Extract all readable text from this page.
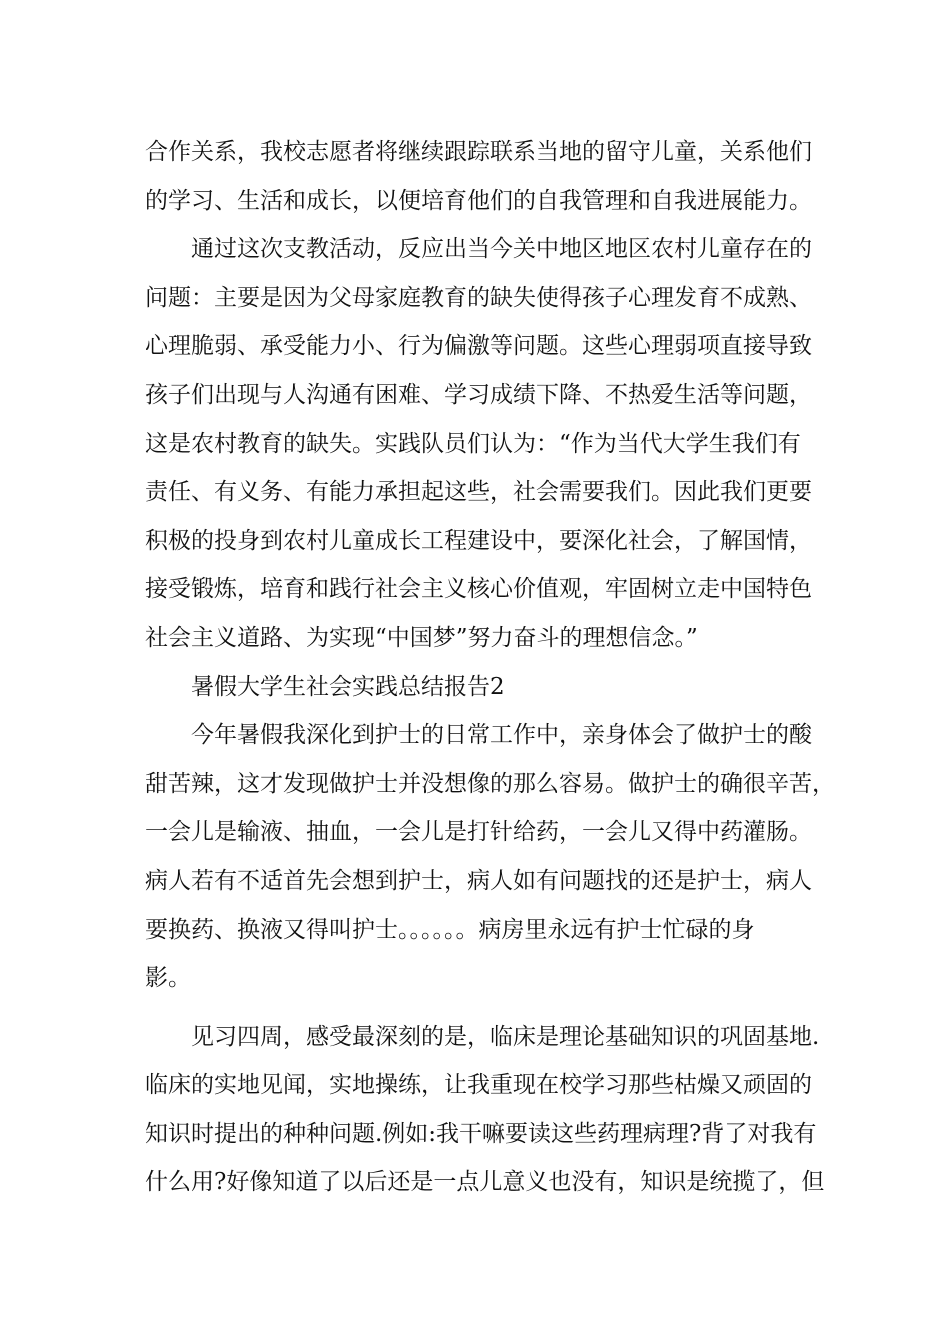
合作关系，我校志愿者将继续跟踪联系当地的留守儿童，关系他们
的学习、生活和成长，以便培育他们的自我管理和自我进展能力。
通过这次支教活动，反应出当今关中地区地区农村儿童存在的
问题：主要是因为父母家庭教育的缺失使得孩子心理发育不成熟、
心理脆弱、承受能力小、行为偏激等问题。这些心理弱项直接导致
孩子们出现与人沟通有困难、学习成绩下降、不热爱生活等问题，
这是农村教育的缺失。实践队员们认为：“作为当代大学生我们有
责任、有义务、有能力承担起这些，社会需要我们。因此我们更要
积极的投身到农村儿童成长工程建设中，要深化社会，了解国情，
接受锻炼，培育和践行社会主义核心价值观，牢固树立走中国特色
社会主义道路、为实现“中国梦”努力奋斗的理想信念。”
暑假大学生社会实践总结报告2
今年暑假我深化到护士的日常工作中，亲身体会了做护士的酸
甜苦辣，这才发现做护士并没想像的那么容易。做护士的确很辛苦，
一会儿是输液、抽血，一会儿是打针给药，一会儿又得中药灌肠。
病人若有不适首先会想到护士，病人如有问题找的还是护士，病人
要换药、换液又得叫护士。。。。。。病房里永远有护士忙碌的身
影。
见习四周，感受最深刻的是，临床是理论基础知识的巩固基地.
临床的实地见闻，实地操练，让我重现在校学习那些枯燥又顽固的
知识时提出的种种问题.例如:我干嘛要读这些药理病理?背了对我有
什么用?好像知道了以后还是一点儿意义也没有，知识是统揽了，但
